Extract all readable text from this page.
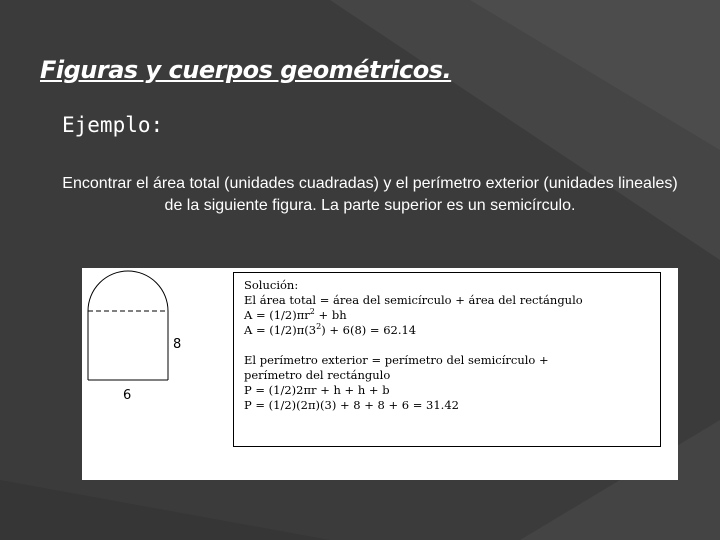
Figuras y cuerpos geométricos.
Ejemplo:
Encontrar el área total (unidades cuadradas) y el perímetro exterior (unidades lineales) de la siguiente figura. La parte superior es un semicírculo.
8
6
Solución:
El área total = área del semicírculo + área del rectángulo
$A = (1/2)\pi r^2$ + bh
$A = (1/2)\pi(3^2) + 6(8) = 62.14$
El perímetro exterior = perímetro del semicírculo +
perímetro del rectángulo
P = (1/2)2πr + h + h + b
P = (1/2)(2π)(3) + 8 + 8 + 6 = 31.42
